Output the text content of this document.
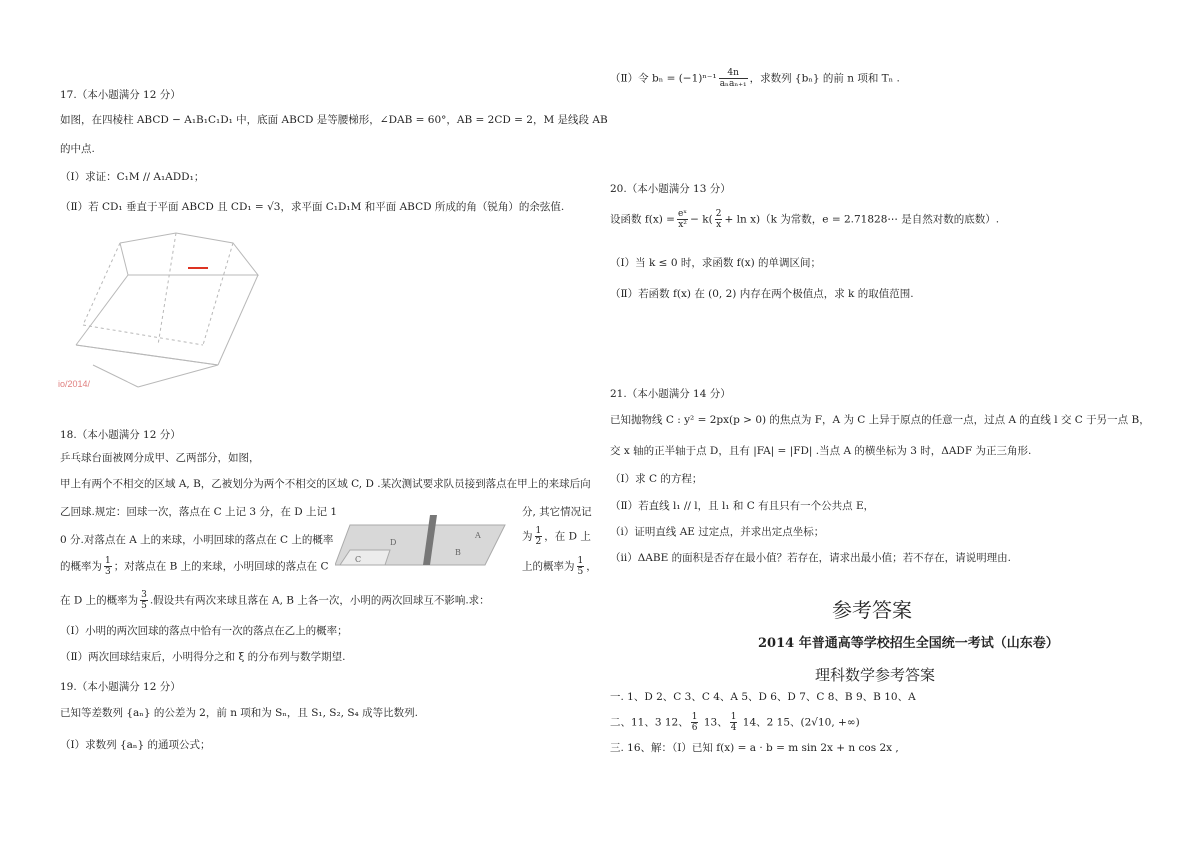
17.（本小题满分 12 分）
如图，在四棱柱 ABCD − A₁B₁C₁D₁ 中，底面 ABCD 是等腰梯形，∠DAB = 60°，AB = 2CD = 2，M 是线段 AB
的中点.
（Ⅰ）求证：C₁M // A₁ADD₁；
（Ⅱ）若 CD₁ 垂直于平面 ABCD 且 CD₁ = √3，求平面 C₁D₁M 和平面 ABCD 所成的角（锐角）的余弦值.
io/2014/
18.（本小题满分 12 分）
乒乓球台面被网分成甲、乙两部分，如图，
甲上有两个不相交的区域 A, B，乙被划分为两个不相交的区域 C, D .某次测试要求队员接到落点在甲上的来球后向
乙回球.规定：回球一次，落点在 C 上记 3 分，在 D 上记 1	分, 其它情况记
0 分.对落点在 A 上的来球，小明回球的落点在 C 上的概率	为 $\frac{1}{2}$ ，在 D 上
C
D
A
B
的概率为 $\frac{1}{3}$ ；对落点在 B 上的来球，小明回球的落点在 C	上的概率为 $\frac{1}{5}$ ，
在 D 上的概率为 $\frac{3}{5}$ .假设共有两次来球且落在 A, B 上各一次，小明的两次回球互不影响.求：
（Ⅰ）小明的两次回球的落点中恰有一次的落点在乙上的概率；
（Ⅱ）两次回球结束后，小明得分之和 ξ 的分布列与数学期望.
19.（本小题满分 12 分）
已知等差数列 {aₙ} 的公差为 2，前 n 项和为 Sₙ，且 S₁, S₂, S₄ 成等比数列.
（Ⅰ）求数列 {aₙ} 的通项公式；
（Ⅱ）令 $b_n = (-1)^{n-1} \frac{4n}{\text{aₙaₙ₊₁}}$ ，求数列 {bₙ} 的前 n 项和 Tₙ .
20.（本小题满分 13 分）
设函数 $f(x) = \frac{\text{eˣ}}{\text{x²}} - k( \frac{2}{x} + \ln x)(k$ 为常数，e = 2.71828⋯ 是自然对数的底数）.
（Ⅰ）当 k ≤ 0 时，求函数 f(x) 的单调区间；
（Ⅱ）若函数 f(x) 在 (0, 2) 内存在两个极值点，求 k 的取值范围.
21.（本小题满分 14 分）
已知抛物线 C : y² = 2px(p > 0) 的焦点为 F，A 为 C 上异于原点的任意一点，过点 A 的直线 l 交 C 于另一点 B，
交 x 轴的正半轴于点 D，且有 |FA| = |FD| .当点 A 的横坐标为 3 时，ΔADF 为正三角形.
（Ⅰ）求 C 的方程；
（Ⅱ）若直线 l₁ // l，且 l₁ 和 C 有且只有一个公共点 E，
（ⅰ）证明直线 AE 过定点，并求出定点坐标；
（ⅱ）ΔABE 的面积是否存在最小值？若存在，请求出最小值；若不存在，请说明理由.
参考答案
2014 年普通高等学校招生全国统一考试（山东卷）
理科数学参考答案
一. 1、D 2、C 3、C 4、A 5、D 6、D 7、C 8、B 9、B 10、A
二、11、3 12、 $\frac{1}{6} 13$、 $\frac{1}{4} 14$、2 15、(2√10, +∞)
三. 16、解：（Ⅰ）已知 f(x) = a · b = m sin 2x + n cos 2x ,
